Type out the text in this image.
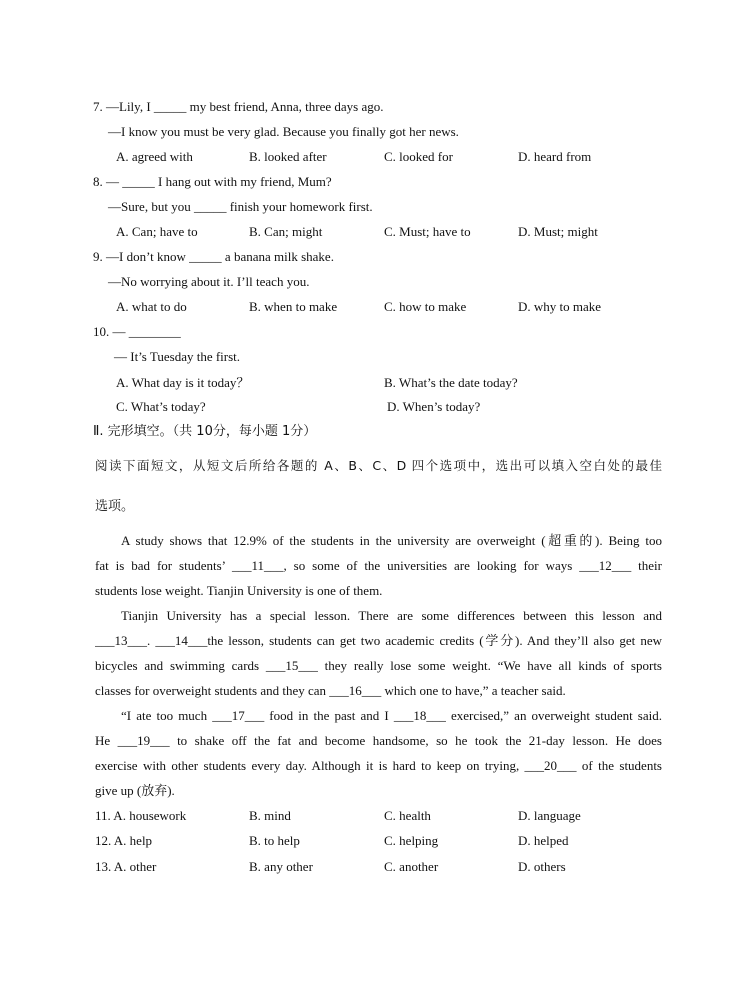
7. —Lily, I _____ my best friend, Anna, three days ago.
—I know you must be very glad. Because you finally got her news.
A. agreed with	B. looked after	C. looked for	D. heard from
8. — _____ I hang out with my friend, Mum?
—Sure, but you _____ finish your homework first.
A. Can; have to	B. Can; might	C. Must; have to	D. Must; might
9. —I don’t know _____ a banana milk shake.
—No worrying about it. I’ll teach you.
A. what to do	B. when to make	C. how to make	D. why to make
10. — ________
— It’s Tuesday the first.
A. What day is it today？	B. What’s the date today?
C. What’s today?	D. When’s today?
Ⅱ. 完形填空。（共 10分，每小题 1分）
阅读下面短文，从短文后所给各题的 A、B、C、D 四个选项中，选出可以填入空白处的最佳
选项。
A study shows that 12.9% of the students in the university are overweight (超重的). Being too
fat is bad for students’ ___11___, so some of the universities are looking for ways ___12___ their
students lose weight. Tianjin University is one of them.
Tianjin University has a special lesson. There are some differences between this lesson and
___13___. ___14___the lesson, students can get two academic credits (学分). And they’ll also get new
bicycles and swimming cards ___15___ they really lose some weight. “We have all kinds of sports
classes for overweight students and they can ___16___ which one to have,” a teacher said.
“I ate too much ___17___ food in the past and I ___18___ exercised,” an overweight student said.
He ___19___ to shake off the fat and become handsome, so he took the 21-day lesson. He does
exercise with other students every day. Although it is hard to keep on trying, ___20___ of the students
give up (放弃).
11. A. housework	B. mind	C. health	D. language
12. A. help	B. to help	C. helping	D. helped
13. A. other	B. any other	C. another	D. others
